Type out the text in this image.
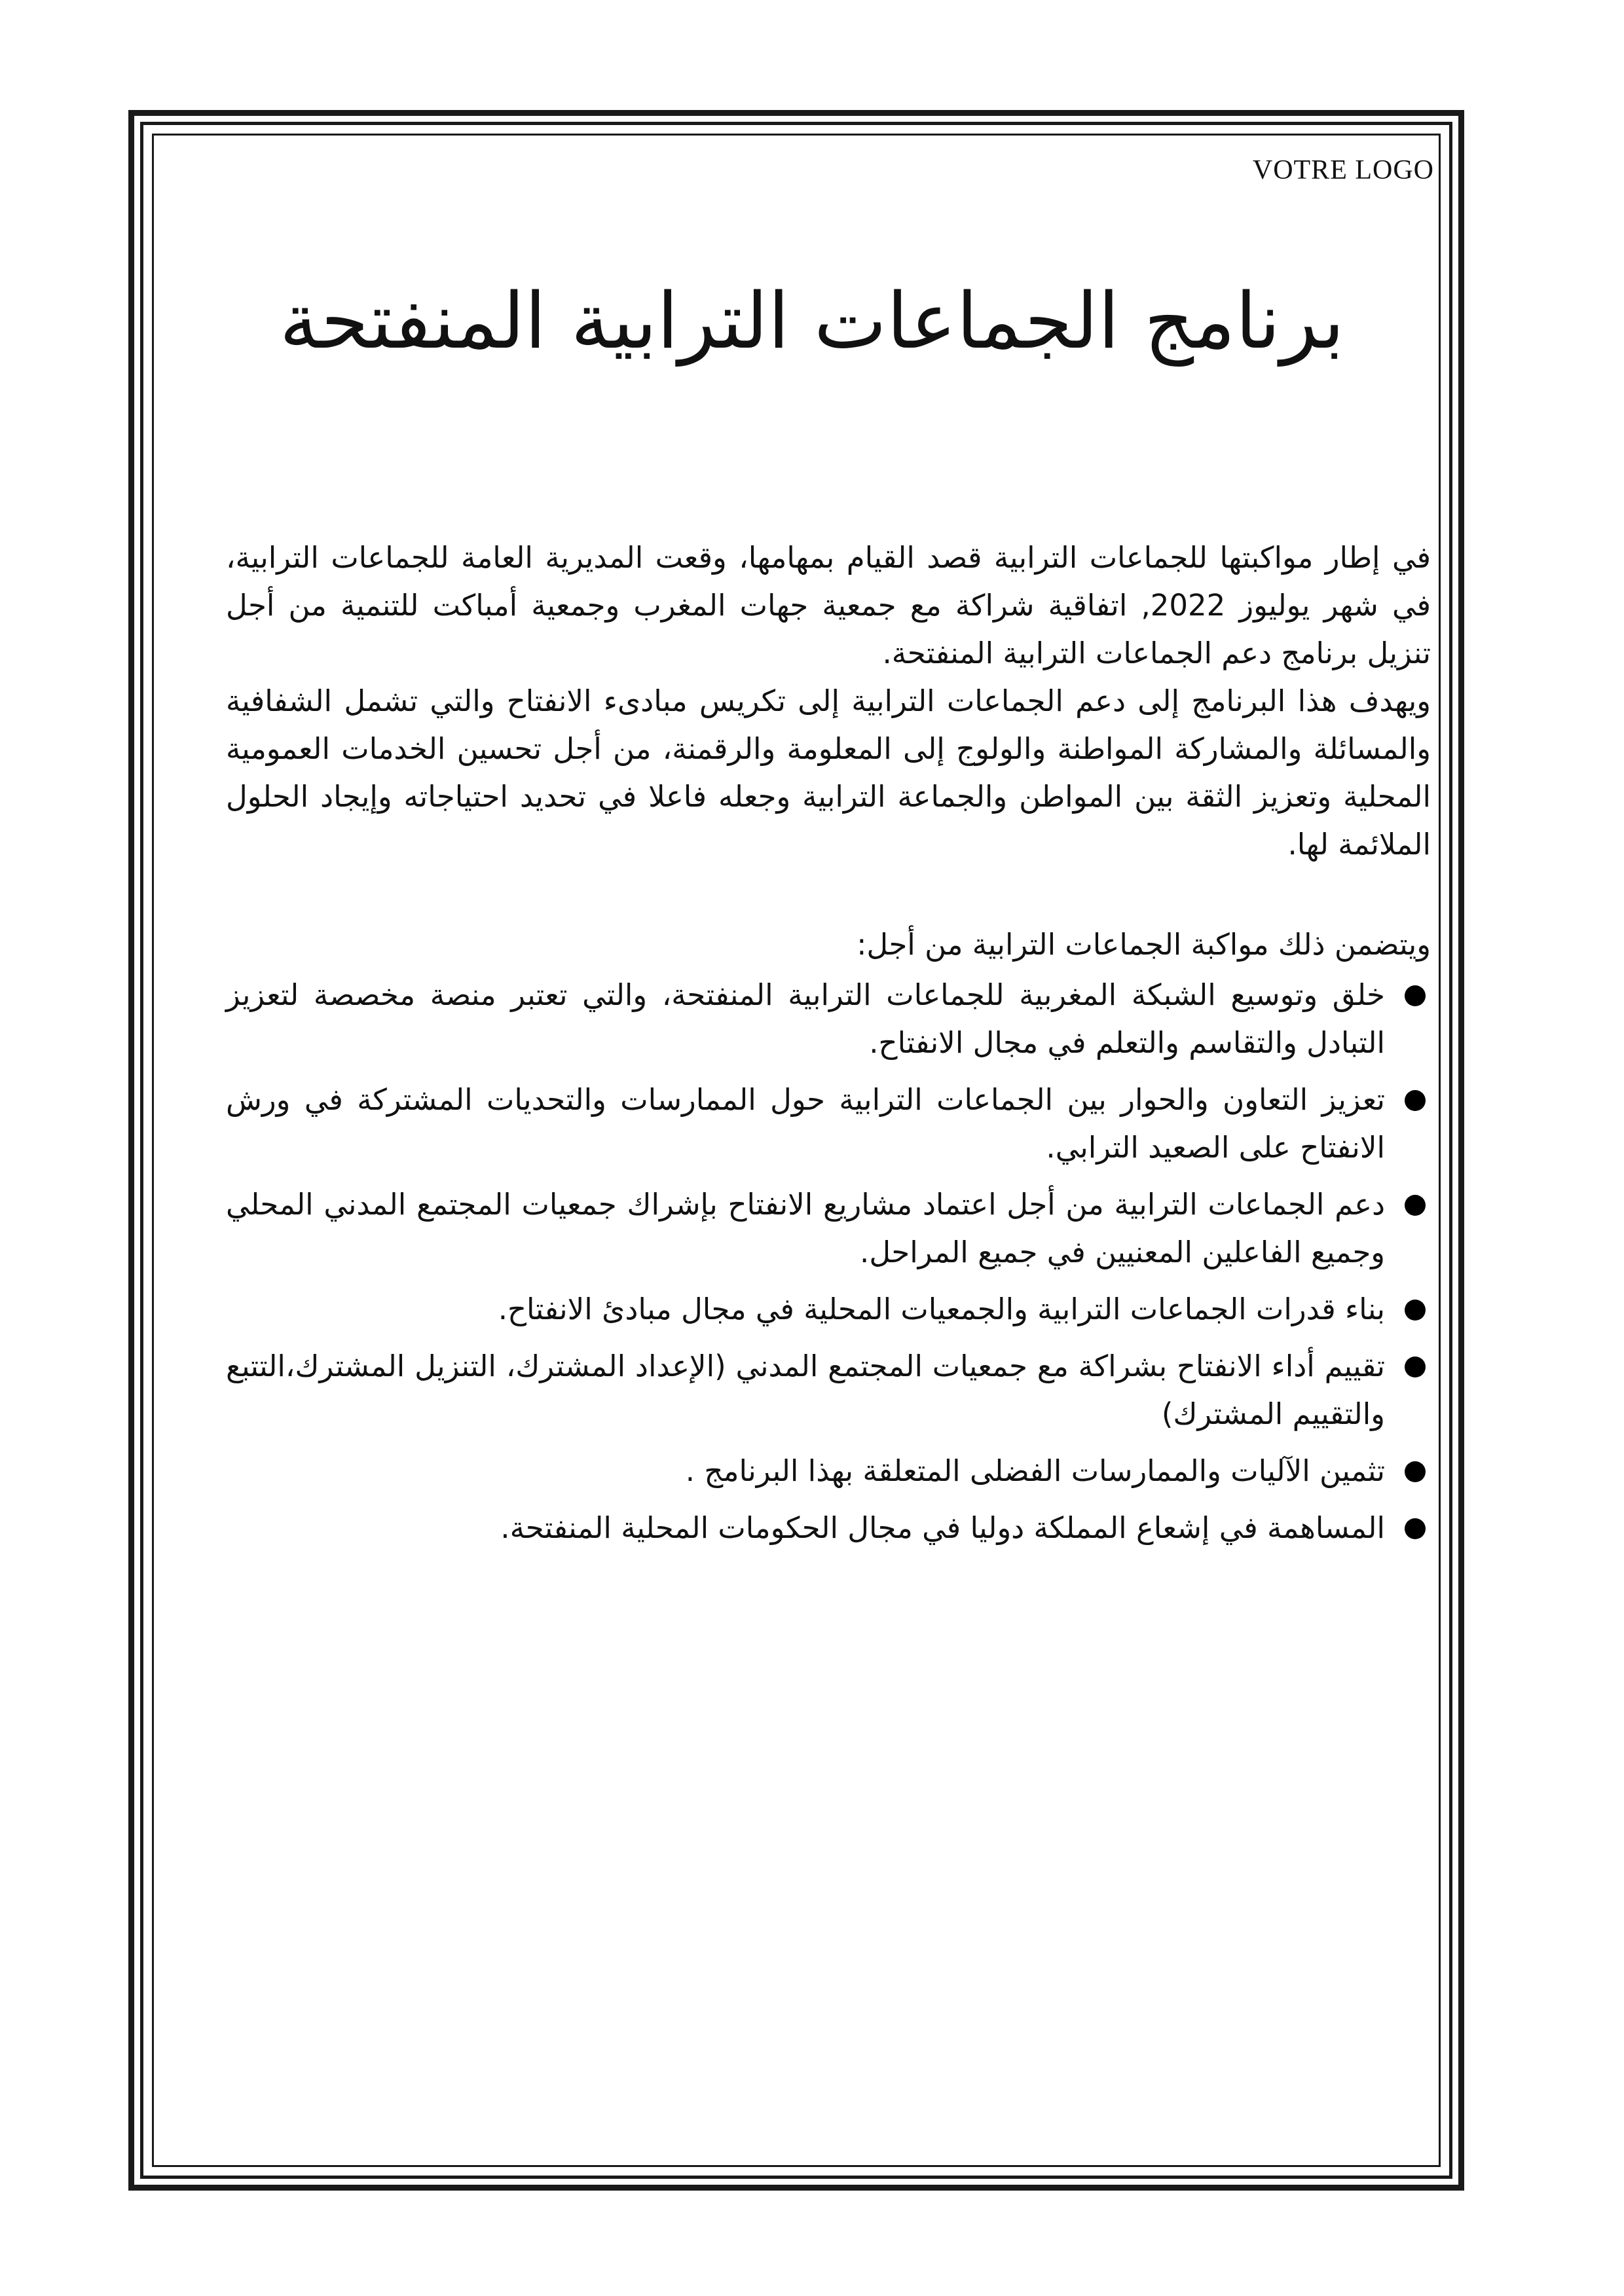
VOTRE LOGO
برنامج الجماعات الترابية المنفتحة

في إطار مواكبتها للجماعات الترابية قصد القيام بمهامها، وقعت المديرية العامة للجماعات الترابية، في شهر يوليوز 2022, اتفاقية شراكة مع جمعية جهات المغرب وجمعية أمباكت للتنمية من أجل تنزيل برنامج دعم الجماعات الترابية المنفتحة.

ويهدف هذا البرنامج إلى دعم الجماعات الترابية إلى تكريس مبادىء الانفتاح والتي تشمل الشفافية والمسائلة والمشاركة المواطنة والولوج إلى المعلومة والرقمنة، من أجل تحسين الخدمات العمومية المحلية وتعزيز الثقة بين المواطن والجماعة الترابية وجعله فاعلا في تحديد احتياجاته وإيجاد الحلول الملائمة لها.

ويتضمن ذلك مواكبة الجماعات الترابية من أجل:

خلق وتوسيع الشبكة المغربية للجماعات الترابية المنفتحة، والتي تعتبر منصة مخصصة لتعزيز التبادل والتقاسم والتعلم في مجال الانفتاح.
تعزيز التعاون والحوار بين الجماعات الترابية حول الممارسات والتحديات المشتركة في ورش الانفتاح على الصعيد الترابي.
دعم الجماعات الترابية من أجل اعتماد مشاريع الانفتاح بإشراك جمعيات المجتمع المدني المحلي وجميع الفاعلين المعنيين في جميع المراحل.
بناء قدرات الجماعات الترابية والجمعيات المحلية في مجال مبادئ الانفتاح.
تقييم أداء الانفتاح بشراكة مع جمعيات المجتمع المدني (الإعداد المشترك، التنزيل المشترك،التتبع والتقييم المشترك)
تثمين الآليات والممارسات الفضلى المتعلقة بهذا البرنامج .
المساهمة في إشعاع المملكة دوليا في مجال الحكومات المحلية المنفتحة.
